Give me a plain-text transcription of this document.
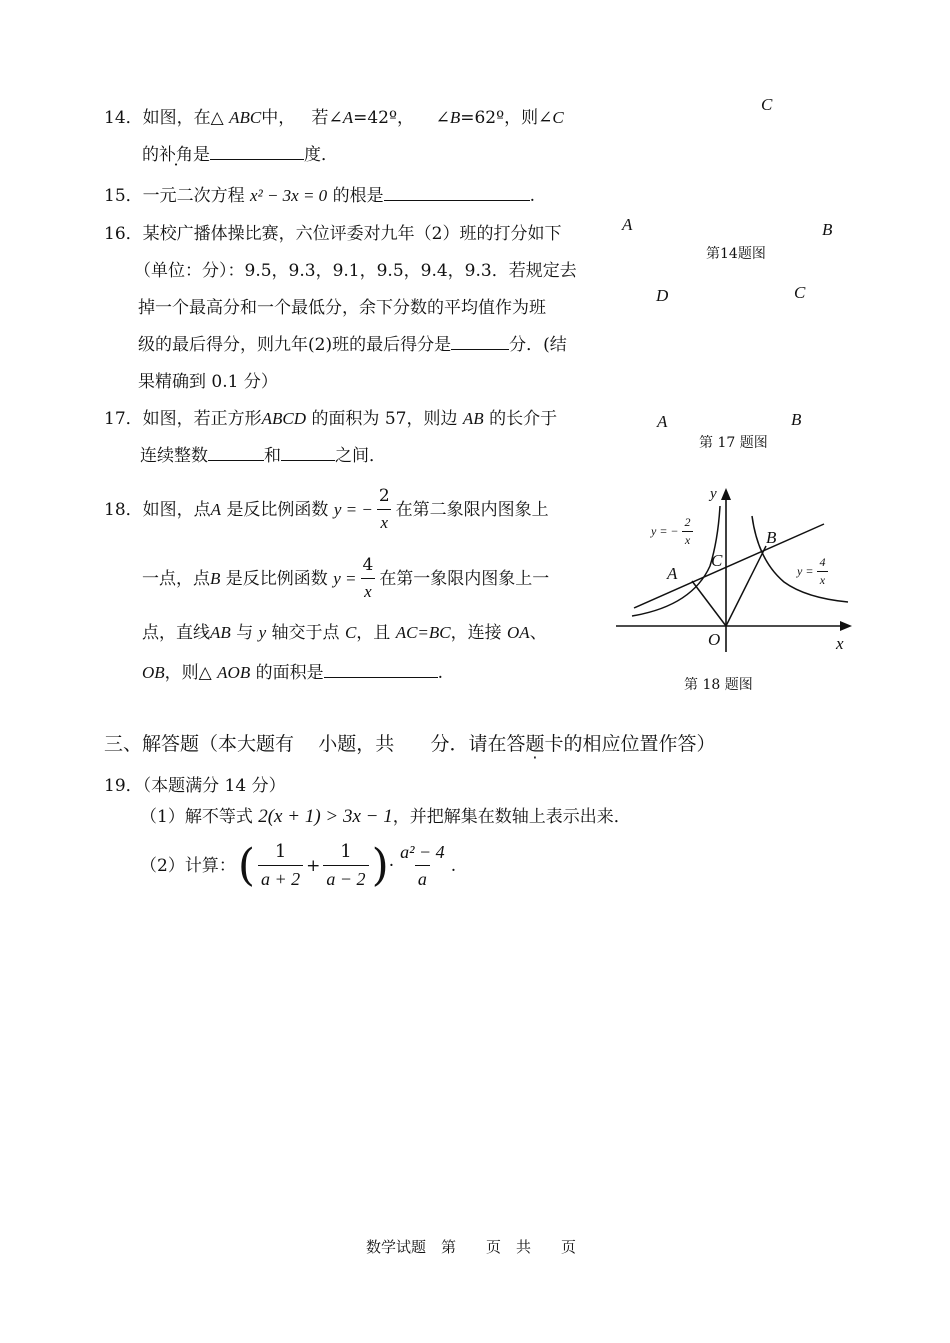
14．如图，在△ ABC中， 若∠A=42º， ∠B=62º，则∠C
的补角是	度．
15．一元二次方程 x² − 3x = 0 的根是	.
16．某校广播体操比赛，六位评委对九年（2）班的打分如下
（单位：分）：9.5，9.3，9.1，9.5，9.4，9.3．若规定去
掉一个最高分和一个最低分，余下分数的平均值作为班
级的最后得分，则九年(2)班的最后得分是	分．(结
果精确到 0.1 分）
17．如图，若正方形ABCD 的面积为 57，则边 AB 的长介于
连续整数	和	之间．
18． 如图，点 A
是反比例函数
y = − $\frac{2}{x}$ 在第二象限内图象上
一点，点 B
是反比例函数
$y = \frac{4}{x}$ 在第一象限内图象上一
点，直线AB 与 y 轴交于点 C，且 AC=BC，连接 OA、
OB，则△ AOB 的面积是	.
C
A	B
第14题图
D	C
A	B
第 17 题图
y
x
O
A
B
C
y = − $\frac{2}{x}$
$y = \frac{4}{x}$
第 18 题图
三、解答题（本大题有 小题，共 分．请在答题卡的相应位置作答）
19．（本题满分 14 分）
（1）解不等式 2(x + 1) > 3x − 1，并把解集在数轴上表示出来．
（2）计算： ( $\frac{1}{a + 2} + \frac{1}{a - 2}$ ) · $\frac{\text{a² − 4}}{a}$ .
数学试题　第　　页　共　　页
